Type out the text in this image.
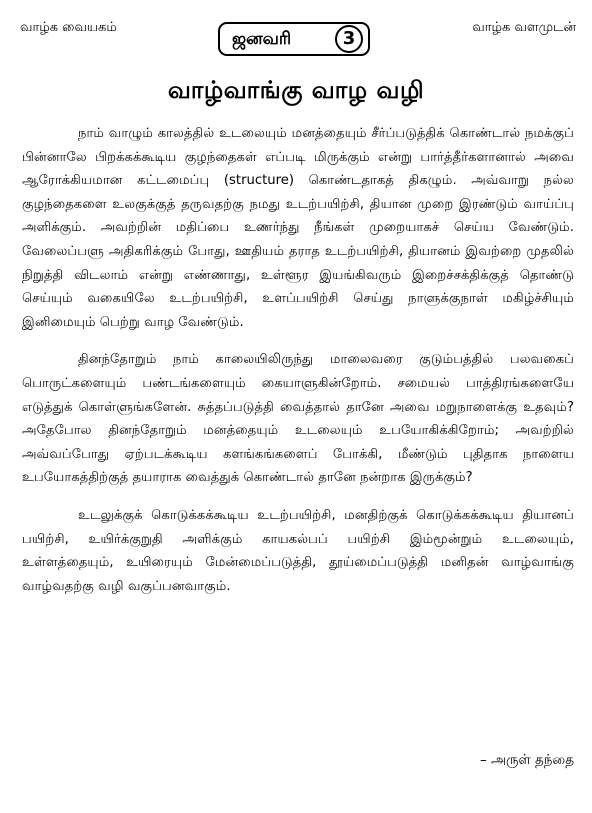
வாழ்க வையகம்
ஜனவரி	3
வாழ்க வளமுடன்
வாழ்வாங்கு வாழ வழி

நாம் வாழும் காலத்தில் உடலையும் மனத்தையும் சீர்ப்படுத்திக் கொண்டால் நமக்குப் பின்னாலே பிறக்கக்கூடிய குழந்தைகள் எப்படி மிருக்கும் என்று பார்த்தீர்களானால் அவை ஆரோக்கியமான கட்டமைப்பு (structure) கொண்டதாகத் திகழும். அவ்வாறு நல்ல குழந்தைகளை உலகுக்குத் தருவதற்கு நமது உடற்பயிற்சி, தியான முறை இரண்டும் வாய்ப்பு அளிக்கும். அவற்றின் மதிப்பை உணர்ந்து நீங்கள் முறையாகச் செய்ய வேண்டும். வேலைப்பளு அதிகரிக்கும் போது, ஊதியம் தராத உடற்பயிற்சி, தியானம் இவற்றை முதலில் நிறுத்தி விடலாம் என்று எண்ணாது, உள்ளூர இயங்கிவரும் இறைச்சக்திக்குத் தொண்டு செய்யும் வகையிலே உடற்பயிற்சி, உளப்பயிற்சி செய்து நாளுக்குநாள் மகிழ்ச்சியும் இனிமையும் பெற்று வாழ வேண்டும்.

தினந்தோறும் நாம் காலையிலிருந்து மாலைவரை குடும்பத்தில் பலவகைப் பொருட்களையும் பண்டங்களையும் கையாளுகின்றோம். சமையல் பாத்திரங்களையே எடுத்துக் கொள்ளுங்களேன். சுத்தப்படுத்தி வைத்தால் தானே அவை மறுநாளைக்கு உதவும்? அதேபோல தினந்தோறும் மனத்தையும் உடலையும் உபயோகிக்கிறோம்; அவற்றில் அவ்வப்போது ஏற்படக்கூடிய களங்கங்களைப் போக்கி, மீண்டும் புதிதாக நாளைய உபயோகத்திற்குத் தயாராக வைத்துக் கொண்டால் தானே நன்றாக இருக்கும்?

உடலுக்குக் கொடுக்கக்கூடிய உடற்பயிற்சி, மனதிற்குக் கொடுக்கக்கூடிய தியானப் பயிற்சி, உயிர்க்குறுதி அளிக்கும் காயகல்பப் பயிற்சி இம்மூன்றும் உடலையும், உள்ளத்தையும், உயிரையும் மேன்மைப்படுத்தி, தூய்மைப்படுத்தி மனிதன் வாழ்வாங்கு வாழ்வதற்கு வழி வகுப்பனவாகும்.

– அருள் தந்தை
